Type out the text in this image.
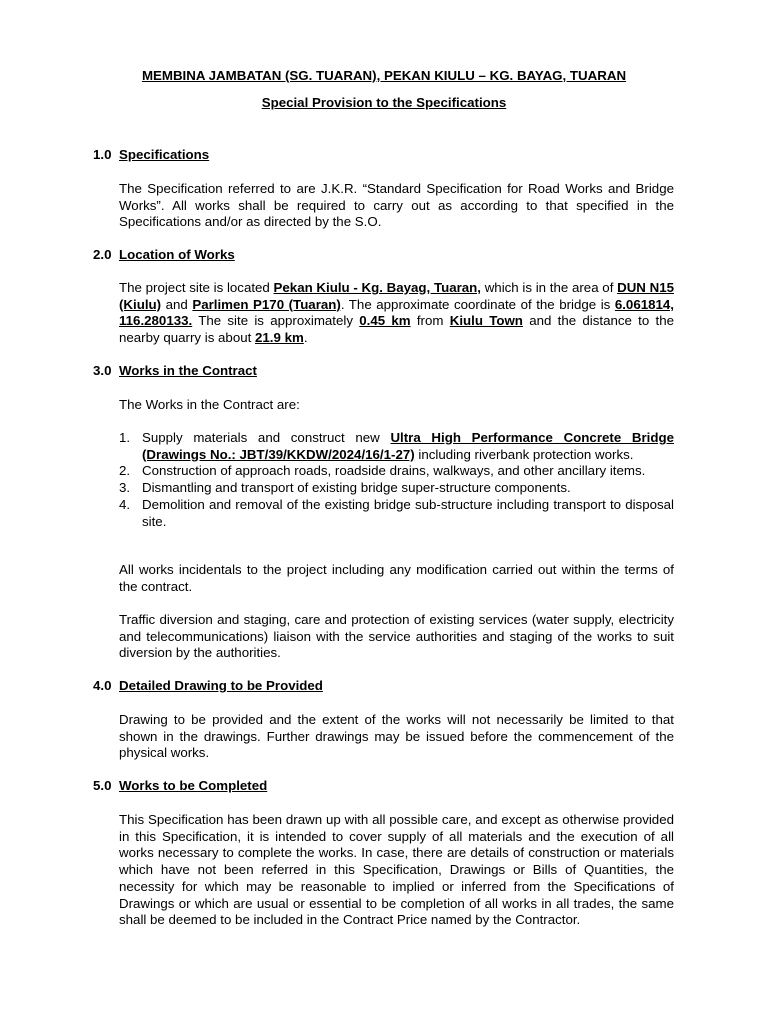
MEMBINA JAMBATAN (SG. TUARAN), PEKAN KIULU – KG. BAYAG, TUARAN
Special Provision to the Specifications
1.0 Specifications

The Specification referred to are J.K.R. “Standard Specification for Road Works and Bridge Works”. All works shall be required to carry out as according to that specified in the Specifications and/or as directed by the S.O.

2.0 Location of Works

The project site is located Pekan Kiulu - Kg. Bayag, Tuaran, which is in the area of DUN N15 (Kiulu) and Parlimen P170 (Tuaran). The approximate coordinate of the bridge is 6.061814, 116.280133. The site is approximately 0.45 km from Kiulu Town and the distance to the nearby quarry is about 21.9 km.

3.0 Works in the Contract

The Works in the Contract are:

1. Supply materials and construct new Ultra High Performance Concrete Bridge (Drawings No.: JBT/39/KKDW/2024/16/1-27) including riverbank protection works.
2. Construction of approach roads, roadside drains, walkways, and other ancillary items.
3. Dismantling and transport of existing bridge super-structure components.
4. Demolition and removal of the existing bridge sub-structure including transport to disposal site.

All works incidentals to the project including any modification carried out within the terms of the contract.

Traffic diversion and staging, care and protection of existing services (water supply, electricity and telecommunications) liaison with the service authorities and staging of the works to suit diversion by the authorities.

4.0 Detailed Drawing to be Provided

Drawing to be provided and the extent of the works will not necessarily be limited to that shown in the drawings. Further drawings may be issued before the commencement of the physical works.

5.0 Works to be Completed

This Specification has been drawn up with all possible care, and except as otherwise provided in this Specification, it is intended to cover supply of all materials and the execution of all works necessary to complete the works. In case, there are details of construction or materials which have not been referred in this Specification, Drawings or Bills of Quantities, the necessity for which may be reasonable to implied or inferred from the Specifications of Drawings or which are usual or essential to be completion of all works in all trades, the same shall be deemed to be included in the Contract Price named by the Contractor.
